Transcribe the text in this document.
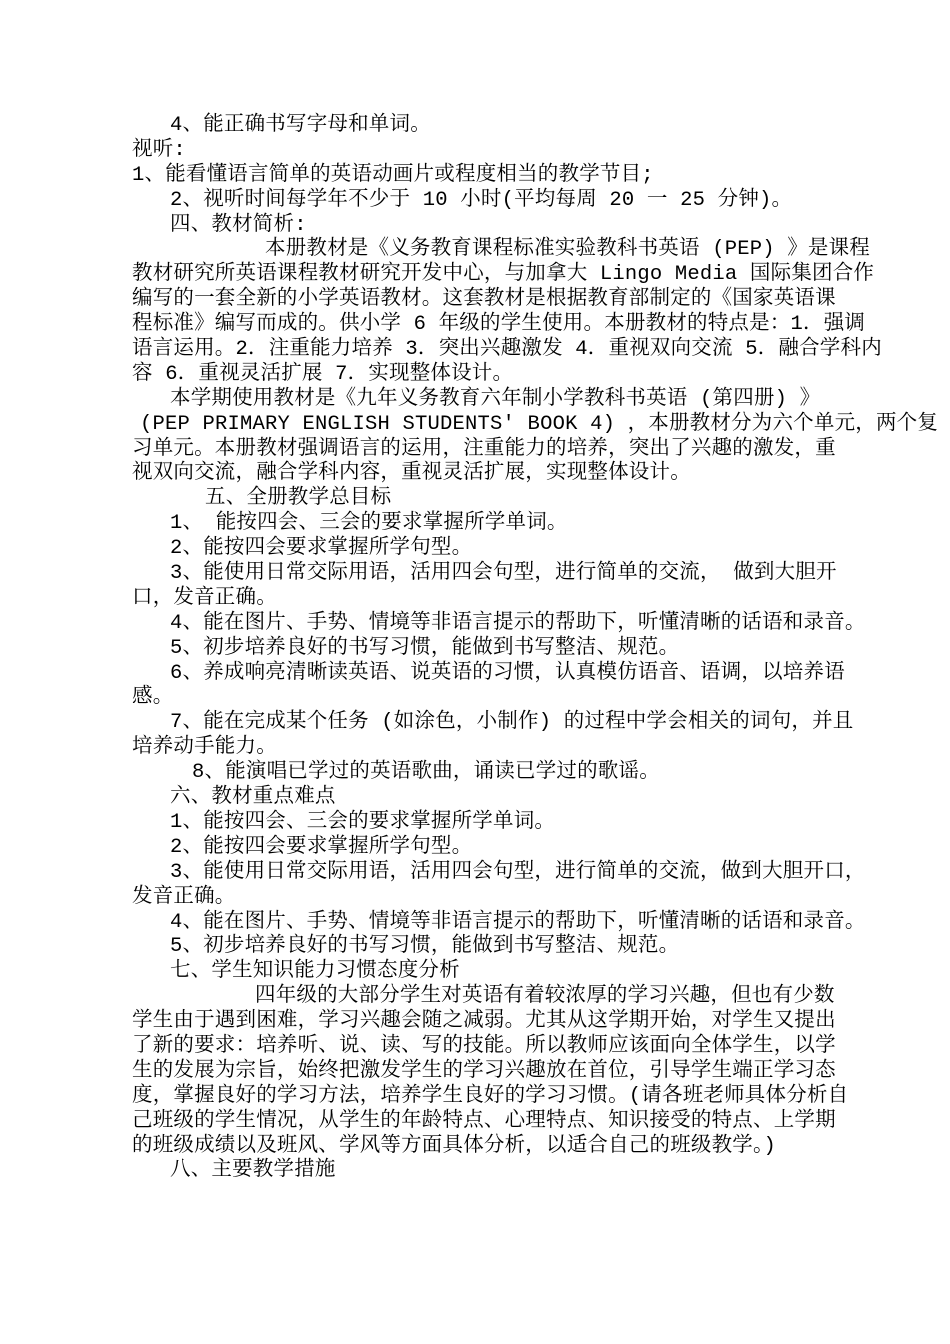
4、能正确书写字母和单词。
视听:
1、能看懂语言简单的英语动画片或程度相当的教学节目;
2、视听时间每学年不少于 10 小时(平均每周 20 一 25 分钟)。
四、教材简析:
本册教材是《义务教育课程标准实验教科书英语 (PEP) 》是课程
教材研究所英语课程教材研究开发中心，与加拿大 Lingo Media 国际集团合作
编写的一套全新的小学英语教材。这套教材是根据教育部制定的《国家英语课
程标准》编写而成的。供小学 6 年级的学生使用。本册教材的特点是：1．强调
语言运用。2．注重能力培养 3．突出兴趣激发 4．重视双向交流 5．融合学科内
容 6．重视灵活扩展 7．实现整体设计。
本学期使用教材是《九年义务教育六年制小学教科书英语 (第四册) 》
(PEP PRIMARY ENGLISH STUDENTS' BOOK 4) ，本册教材分为六个单元，两个复
习单元。本册教材强调语言的运用，注重能力的培养，突出了兴趣的激发，重
视双向交流，融合学科内容，重视灵活扩展，实现整体设计。
五、全册教学总目标
1、 能按四会、三会的要求掌握所学单词。
2、能按四会要求掌握所学句型。
3、能使用日常交际用语，活用四会句型，进行简单的交流， 做到大胆开
口，发音正确。
4、能在图片、手势、情境等非语言提示的帮助下，听懂清晰的话语和录音。
5、初步培养良好的书写习惯，能做到书写整洁、规范。
6、养成响亮清晰读英语、说英语的习惯，认真模仿语音、语调，以培养语
感。
7、能在完成某个任务 (如涂色，小制作) 的过程中学会相关的词句，并且
培养动手能力。
8、能演唱已学过的英语歌曲，诵读已学过的歌谣。
六、教材重点难点
1、能按四会、三会的要求掌握所学单词。
2、能按四会要求掌握所学句型。
3、能使用日常交际用语，活用四会句型，进行简单的交流，做到大胆开口，
发音正确。
4、能在图片、手势、情境等非语言提示的帮助下，听懂清晰的话语和录音。
5、初步培养良好的书写习惯，能做到书写整洁、规范。
七、学生知识能力习惯态度分析
四年级的大部分学生对英语有着较浓厚的学习兴趣，但也有少数
学生由于遇到困难，学习兴趣会随之减弱。尤其从这学期开始，对学生又提出
了新的要求：培养听、说、读、写的技能。所以教师应该面向全体学生，以学
生的发展为宗旨，始终把激发学生的学习兴趣放在首位，引导学生端正学习态
度，掌握良好的学习方法，培养学生良好的学习习惯。(请各班老师具体分析自
己班级的学生情况，从学生的年龄特点、心理特点、知识接受的特点、上学期
的班级成绩以及班风、学风等方面具体分析，以适合自己的班级教学。)
八、主要教学措施
